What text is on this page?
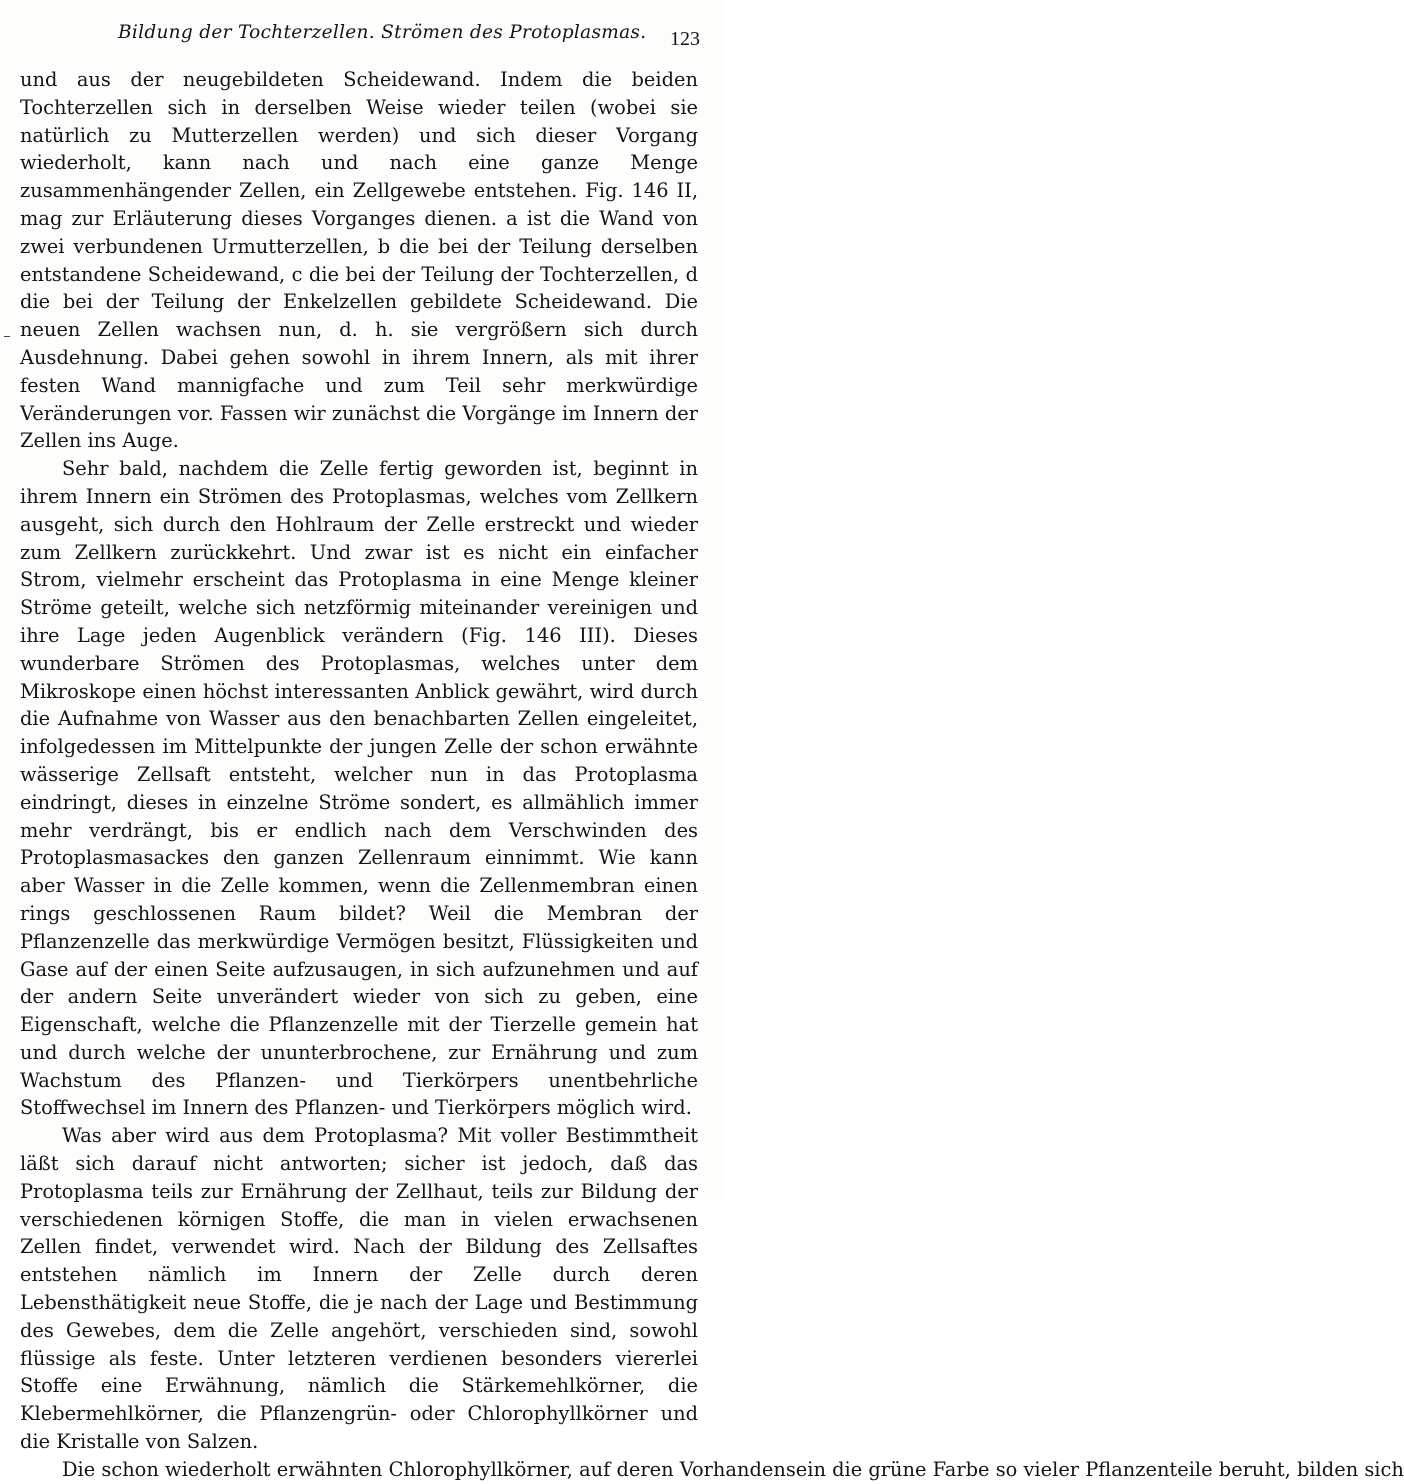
Bildung der Tochterzellen. Strömen des Protoplasmas. 123

und aus der neugebildeten Scheidewand. Indem die beiden Tochterzellen sich in derselben Weise wieder teilen (wobei sie natürlich zu Mutterzellen werden) und sich dieser Vorgang wiederholt, kann nach und nach eine ganze Menge zusammenhängender Zellen, ein Zellgewebe entstehen. Fig. 146 II, mag zur Erläuterung dieses Vorganges dienen. a ist die Wand von zwei verbundenen Urmutterzellen, b die bei der Teilung derselben entstandene Scheidewand, c die bei der Teilung der Tochterzellen, d die bei der Teilung der Enkelzellen gebildete Scheidewand. Die neuen Zellen wachsen nun, d. h. sie vergrößern sich durch Ausdehnung. Dabei gehen sowohl in ihrem Innern, als mit ihrer festen Wand mannigfache und zum Teil sehr merkwürdige Veränderungen vor. Fassen wir zunächst die Vorgänge im Innern der Zellen ins Auge.

Sehr bald, nachdem die Zelle fertig geworden ist, beginnt in ihrem Innern ein Strömen des Protoplasmas, welches vom Zellkern ausgeht, sich durch den Hohlraum der Zelle erstreckt und wieder zum Zellkern zurückkehrt. Und zwar ist es nicht ein einfacher Strom, vielmehr erscheint das Protoplasma in eine Menge kleiner Ströme geteilt, welche sich netzförmig miteinander vereinigen und ihre Lage jeden Augenblick verändern (Fig. 146 III). Dieses wunderbare Strömen des Protoplasmas, welches unter dem Mikroskope einen höchst interessanten Anblick gewährt, wird durch die Aufnahme von Wasser aus den benachbarten Zellen eingeleitet, infolgedessen im Mittelpunkte der jungen Zelle der schon erwähnte wässerige Zellsaft entsteht, welcher nun in das Protoplasma eindringt, dieses in einzelne Ströme sondert, es allmählich immer mehr verdrängt, bis er endlich nach dem Verschwinden des Protoplasmasackes den ganzen Zellenraum einnimmt. Wie kann aber Wasser in die Zelle kommen, wenn die Zellenmembran einen rings geschlossenen Raum bildet? Weil die Membran der Pflanzenzelle das merkwürdige Vermögen besitzt, Flüssigkeiten und Gase auf der einen Seite aufzusaugen, in sich aufzunehmen und auf der andern Seite unverändert wieder von sich zu geben, eine Eigenschaft, welche die Pflanzenzelle mit der Tierzelle gemein hat und durch welche der ununterbrochene, zur Ernährung und zum Wachstum des Pflanzen- und Tierkörpers unentbehrliche Stoffwechsel im Innern des Pflanzen- und Tierkörpers möglich wird.

Was aber wird aus dem Protoplasma? Mit voller Bestimmtheit läßt sich darauf nicht antworten; sicher ist jedoch, daß das Protoplasma teils zur Ernährung der Zellhaut, teils zur Bildung der verschiedenen körnigen Stoffe, die man in vielen erwachsenen Zellen findet, verwendet wird. Nach der Bildung des Zellsaftes entstehen nämlich im Innern der Zelle durch deren Lebensthätigkeit neue Stoffe, die je nach der Lage und Bestimmung des Gewebes, dem die Zelle angehört, verschieden sind, sowohl flüssige als feste. Unter letzteren verdienen besonders viererlei Stoffe eine Erwähnung, nämlich die Stärkemehlkörner, die Klebermehlkörner, die Pflanzengrün- oder Chlorophyllkörner und die Kristalle von Salzen.

Die schon wiederholt erwähnten Chlorophyllkörner, auf deren Vorhandensein die grüne Farbe so vieler Pflanzenteile beruht, bilden sich
